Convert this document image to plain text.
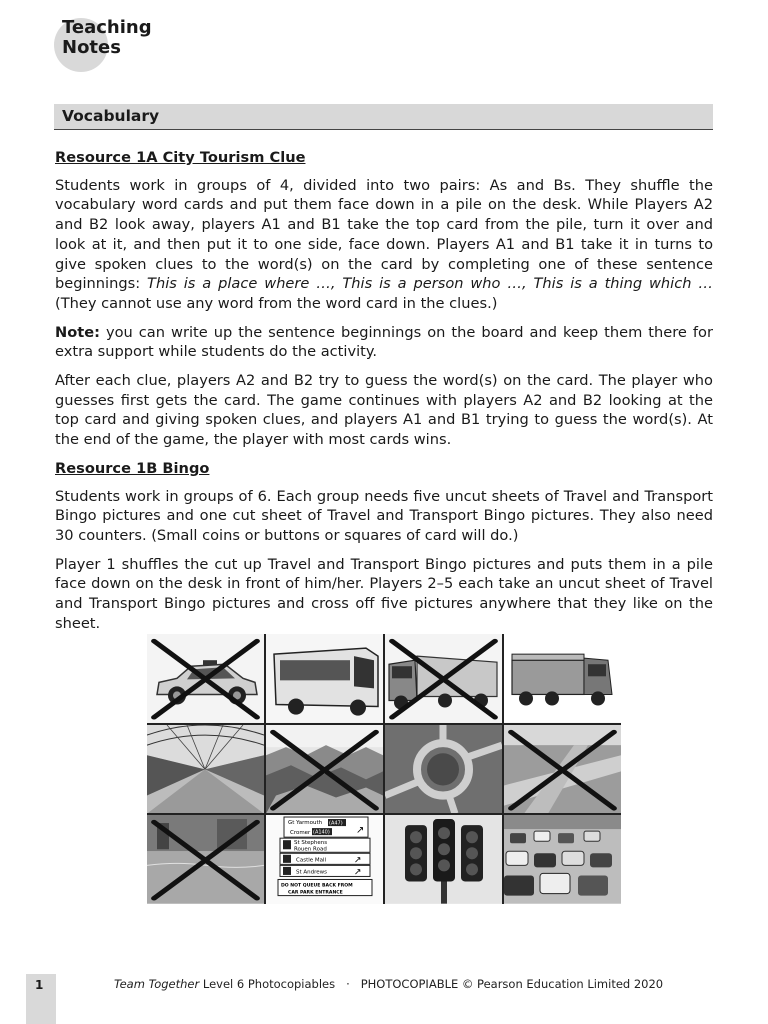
Teaching
Notes
Vocabulary
Resource 1A City Tourism Clue

Students work in groups of 4, divided into two pairs: As and Bs. They shuffle the vocabulary word cards and put them face down in a pile on the desk. While Players A2 and B2 look away, players A1 and B1 take the top card from the pile, turn it over and look at it, and then put it to one side, face down. Players A1 and B1 take it in turns to give spoken clues to the word(s) on the card by completing one of these sentence beginnings: This is a place where …, This is a person who …, This is a thing which … (They cannot use any word from the word card in the clues.)

Note: you can write up the sentence beginnings on the board and keep them there for extra support while students do the activity.

After each clue, players A2 and B2 try to guess the word(s) on the card. The player who guesses first gets the card. The game continues with players A2 and B2 looking at the top card and giving spoken clues, and players A1 and B1 trying to guess the word(s). At the end of the game, the player with most cards wins.

Resource 1B Bingo

Students work in groups of 6. Each group needs five uncut sheets of Travel and Transport Bingo pictures and one cut sheet of Travel and Transport Bingo pictures. They also need 30 counters. (Small coins or buttons or squares of card will do.)

Player 1 shuffles the cut up Travel and Transport Bingo pictures and puts them in a pile face down on the desk in front of him/her. Players 2–5 each take an uncut sheet of Travel and Transport Bingo pictures and cross off five pictures anywhere that they like on the sheet.

Gt Yarmouth (A47)
Cromer (A140)	↗
St Stephens
Rouen Road
Castle Mall	↗
St Andrews	↗
DO NOT QUEUE BACK FROM
CAR PARK ENTRANCE
1	Team Together Level 6 Photocopiables · PHOTOCOPIABLE © Pearson Education Limited 2020
